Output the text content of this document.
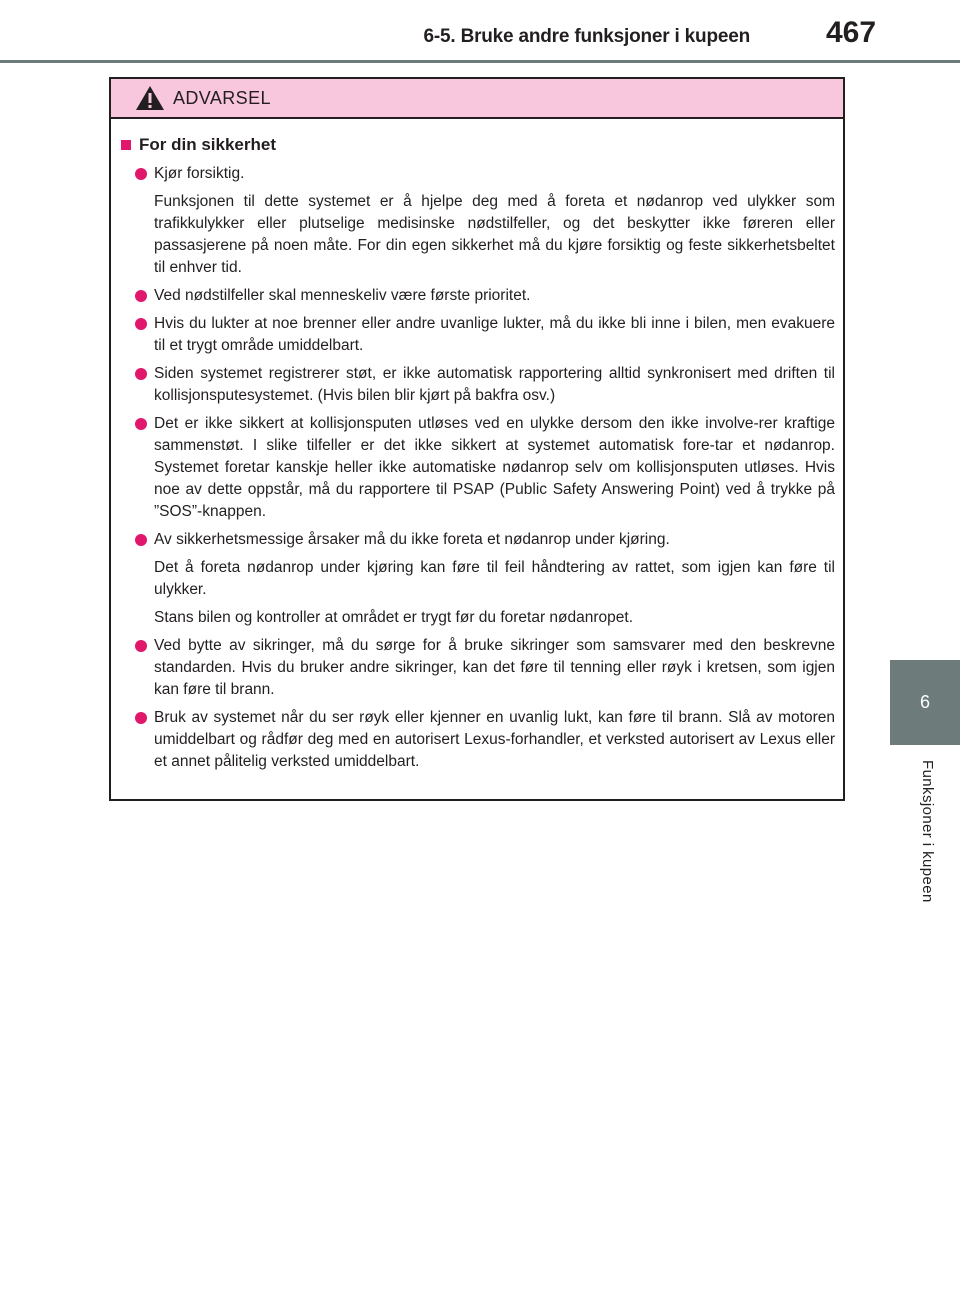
6-5. Bruke andre funksjoner i kupeen	467
6
Funksjoner i kupeen
ADVARSEL
For din sikkerhet
Kjør forsiktig.
Funksjonen til dette systemet er å hjelpe deg med å foreta et nødanrop ved ulykker som trafikkulykker eller plutselige medisinske nødstilfeller, og det beskytter ikke føreren eller passasjerene på noen måte. For din egen sikkerhet må du kjøre forsiktig og feste sikkerhetsbeltet til enhver tid.
Ved nødstilfeller skal menneskeliv være første prioritet.
Hvis du lukter at noe brenner eller andre uvanlige lukter, må du ikke bli inne i bilen, men evakuere til et trygt område umiddelbart.
Siden systemet registrerer støt, er ikke automatisk rapportering alltid synkronisert med driften til kollisjonsputesystemet. (Hvis bilen blir kjørt på bakfra osv.)
Det er ikke sikkert at kollisjonsputen utløses ved en ulykke dersom den ikke involve-rer kraftige sammenstøt. I slike tilfeller er det ikke sikkert at systemet automatisk fore-tar et nødanrop. Systemet foretar kanskje heller ikke automatiske nødanrop selv om kollisjonsputen utløses. Hvis noe av dette oppstår, må du rapportere til PSAP (Public Safety Answering Point) ved å trykke på ”SOS”-knappen.
Av sikkerhetsmessige årsaker må du ikke foreta et nødanrop under kjøring.
Det å foreta nødanrop under kjøring kan føre til feil håndtering av rattet, som igjen kan føre til ulykker.
Stans bilen og kontroller at området er trygt før du foretar nødanropet.
Ved bytte av sikringer, må du sørge for å bruke sikringer som samsvarer med den beskrevne standarden. Hvis du bruker andre sikringer, kan det føre til tenning eller røyk i kretsen, som igjen kan føre til brann.
Bruk av systemet når du ser røyk eller kjenner en uvanlig lukt, kan føre til brann. Slå av motoren umiddelbart og rådfør deg med en autorisert Lexus-forhandler, et verksted autorisert av Lexus eller et annet pålitelig verksted umiddelbart.
